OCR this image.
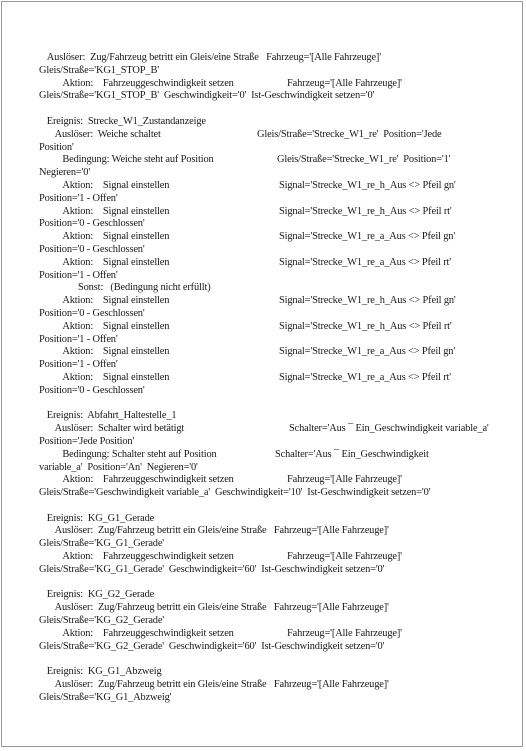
Auslöser:  Zug/Fahrzeug betritt ein Gleis/eine Straße   Fahrzeug='[Alle Fahrzeuge]'
Gleis/Straße='KG1_STOP_B'
Aktion:    Fahrzeuggeschwindigkeit setzen	Fahrzeug='[Alle Fahrzeuge]'
Gleis/Straße='KG1_STOP_B'  Geschwindigkeit='0'  Ist-Geschwindigkeit setzen='0'
Ereignis:  Strecke_W1_Zustandanzeige
Auslöser:  Weiche schaltet	Gleis/Straße='Strecke_W1_re'  Position='Jede
Position'
Bedingung: Weiche steht auf Position	Gleis/Straße='Strecke_W1_re'  Position='1'
Negieren='0'
Aktion:    Signal einstellen	Signal='Strecke_W1_re_h_Aus <> Pfeil gn'
Position='1 - Offen'
Aktion:    Signal einstellen	Signal='Strecke_W1_re_h_Aus <> Pfeil rt'
Position='0 - Geschlossen'
Aktion:    Signal einstellen	Signal='Strecke_W1_re_a_Aus <> Pfeil gn'
Position='0 - Geschlossen'
Aktion:    Signal einstellen	Signal='Strecke_W1_re_a_Aus <> Pfeil rt'
Position='1 - Offen'
Sonst:   (Bedingung nicht erfüllt)
Aktion:    Signal einstellen	Signal='Strecke_W1_re_h_Aus <> Pfeil gn'
Position='0 - Geschlossen'
Aktion:    Signal einstellen	Signal='Strecke_W1_re_h_Aus <> Pfeil rt'
Position='1 - Offen'
Aktion:    Signal einstellen	Signal='Strecke_W1_re_a_Aus <> Pfeil gn'
Position='1 - Offen'
Aktion:    Signal einstellen	Signal='Strecke_W1_re_a_Aus <> Pfeil rt'
Position='0 - Geschlossen'
Ereignis:  Abfahrt_Haltestelle_1
Auslöser:  Schalter wird betätigt	Schalter='Aus ¯ Ein_Geschwindigkeit variable_a'
Position='Jede Position'
Bedingung: Schalter steht auf Position	Schalter='Aus ¯ Ein_Geschwindigkeit
variable_a'  Position='An'  Negieren='0'
Aktion:    Fahrzeuggeschwindigkeit setzen	Fahrzeug='[Alle Fahrzeuge]'
Gleis/Straße='Geschwindigkeit variable_a'  Geschwindigkeit='10'  Ist-Geschwindigkeit setzen='0'
Ereignis:  KG_G1_Gerade
Auslöser:  Zug/Fahrzeug betritt ein Gleis/eine Straße   Fahrzeug='[Alle Fahrzeuge]'
Gleis/Straße='KG_G1_Gerade'
Aktion:    Fahrzeuggeschwindigkeit setzen	Fahrzeug='[Alle Fahrzeuge]'
Gleis/Straße='KG_G1_Gerade'  Geschwindigkeit='60'  Ist-Geschwindigkeit setzen='0'
Ereignis:  KG_G2_Gerade
Auslöser:  Zug/Fahrzeug betritt ein Gleis/eine Straße   Fahrzeug='[Alle Fahrzeuge]'
Gleis/Straße='KG_G2_Gerade'
Aktion:    Fahrzeuggeschwindigkeit setzen	Fahrzeug='[Alle Fahrzeuge]'
Gleis/Straße='KG_G2_Gerade'  Geschwindigkeit='60'  Ist-Geschwindigkeit setzen='0'
Ereignis:  KG_G1_Abzweig
Auslöser:  Zug/Fahrzeug betritt ein Gleis/eine Straße   Fahrzeug='[Alle Fahrzeuge]'
Gleis/Straße='KG_G1_Abzweig'
